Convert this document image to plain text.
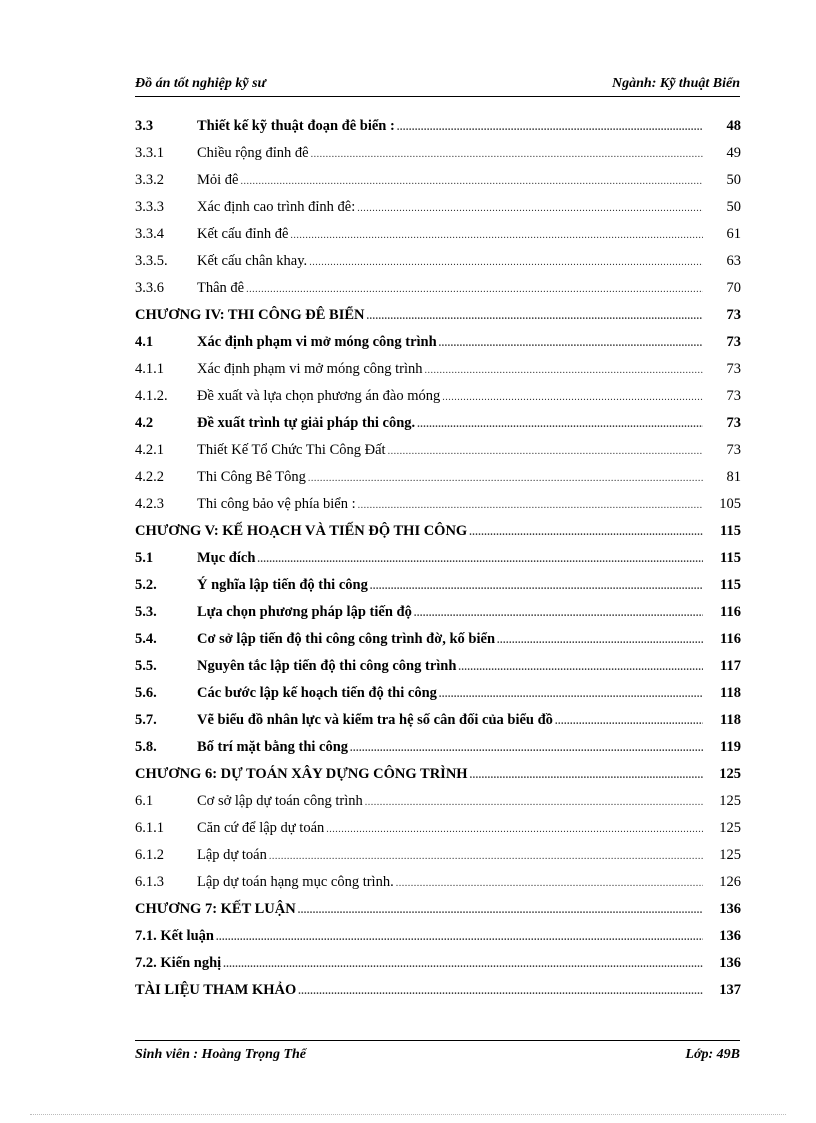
Đồ án tốt nghiệp kỹ sư	Ngành: Kỹ thuật Biển
3.3	Thiết kế kỹ thuật đoạn đê biển : . . .	48
3.3.1 Chiều rộng đỉnh đê . . .	49
3.3.2 Mỏi đê . . .	50
3.3.3 Xác định cao trình đỉnh đê: . . .	50
3.3.4 Kết cấu đỉnh đê . . .	61
3.3.5. Kết cấu chân khay. . . .	63
3.3.6 Thân đê . . .	70
CHƯƠNG IV: THI CÔNG ĐÊ BIỂN . . .	73
4.1	Xác định phạm vi mở móng công trình . . .	73
4.1.1 Xác định phạm vi mở móng công trình . . .	73
4.1.2. Đề xuất và lựa chọn phương án đào móng . . .	73
4.2	Đề xuất trình tự giải pháp thi công. . . .	73
4.2.1 Thiết Kế Tổ Chức Thi Công Đất . . .	73
4.2.2 Thi Công Bê Tông . . .	81
4.2.3 Thi công bảo vệ phía biển : . . .	105
CHƯƠNG V: KẾ HOẠCH VÀ TIẾN ĐỘ THI CÔNG . . .	115
5.1	Mục đích . . .	115
5.2.	Ý nghĩa lập tiến độ thi công . . .	115
5.3.	Lựa chọn phương pháp lập tiến độ . . .	116
5.4.	Cơ sở lập tiến độ thi công công trình đờ, kố biển . . .	116
5.5.	Nguyên tắc lập tiến độ thi công công trình . . .	117
5.6.	Các bước lập kế hoạch tiến độ thi công . . .	118
5.7.	Vẽ biểu đồ nhân lực và kiểm tra hệ số cân đối của biểu đồ . . .	118
5.8.	Bố trí mặt bằng thi công . . .	119
CHƯƠNG 6: DỰ TOÁN XÂY DỰNG CÔNG TRÌNH . . .	125
6.1	Cơ sở lập dự toán công trình . . .	125
6.1.1 Căn cứ để lập dự toán . . .	125
6.1.2 Lập dự toán . . .	125
6.1.3 Lập dự toán hạng mục công trình. . . .	126
CHƯƠNG 7: KẾT LUẬN . . .	136
7.1. Kết luận . . .	136
7.2. Kiến nghị . . .	136
TÀI LIỆU THAM KHẢO . . .	137
Sinh viên : Hoàng Trọng Thể	Lớp: 49B
